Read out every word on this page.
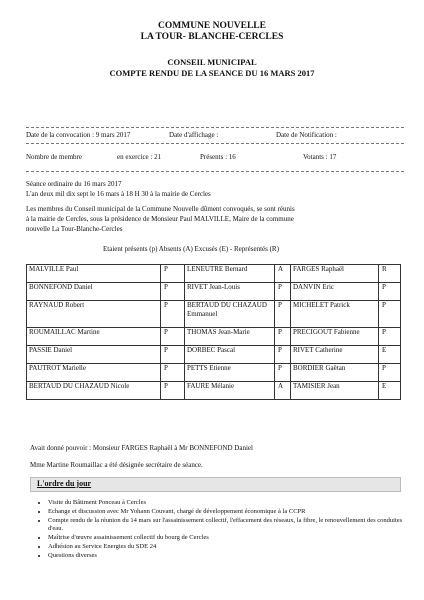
COMMUNE NOUVELLE
LA TOUR- BLANCHE-CERCLES
CONSEIL MUNICIPAL
COMPTE RENDU DE LA SEANCE DU 16 MARS 2017
Date de la convocation : 9 mars 2017	Date d'affichage :	Date de Notification :
Nombre de membre	en exercice : 21	Présents : 16	Votants : 17
Séance ordinaire du 16 mars 2017
L'an deux mil dix sept le 16 mars à 18 H 30 à la mairie de Cercles
Les membres du Conseil municipal de la Commune Nouvelle dûment convoqués, se sont réunis
à la mairie de Cercles, sous la présidence de Monsieur Paul MALVILLE, Maire de la commune
nouvelle La Tour-Blanche-Cercles
Etaient présents (p) Absents (A) Excusés (E) - Représentés (R)
MALVILLE Paul	P	LENEUTRE Bernard	A	FARGES Raphaël	R
BONNEFOND Daniel	P	RIVET Jean-Louis	P	DANVIN Eric	P
RAYNAUD Robert	P	BERTAUD DU CHAZAUD Emmanuel	P	MICHELET Patrick	P
ROUMAILLAC Martine	P	THOMAS Jean-Marie	P	PRECIGOUT Fabienne	P
PASSIE Daniel	P	DORBEC Pascal	P	RIVET Catherine	E
PAUTROT Marielle	P	PETTS Etienne	P	BORDIER Gaëtan	P
BERTAUD DU CHAZAUD Nicole	P	FAURE Mélanie	A	TAMISIER Jean	E
Avait donné pouvoir : Monsieur FARGES Raphaël à Mr BONNEFOND Daniel
Mme Martine Roumaillac a été désignée secrétaire de séance.
L'ordre du jour
• Visite du Bâtiment Ponceau à Cercles
• Echange et discussion avec Mr Yohann Couvant, chargé de développement économique à la CCPR
• Compte rendu de la réunion du 14 mars sur l'assainissement collectif, l'effacement des réseaux, la fibre, le renouvellement des conduites d'eau.
• Maîtrise d'œuvre assainissement collectif du bourg de Cercles
• Adhésion au Service Energies du SDE 24
• Questions diverses
